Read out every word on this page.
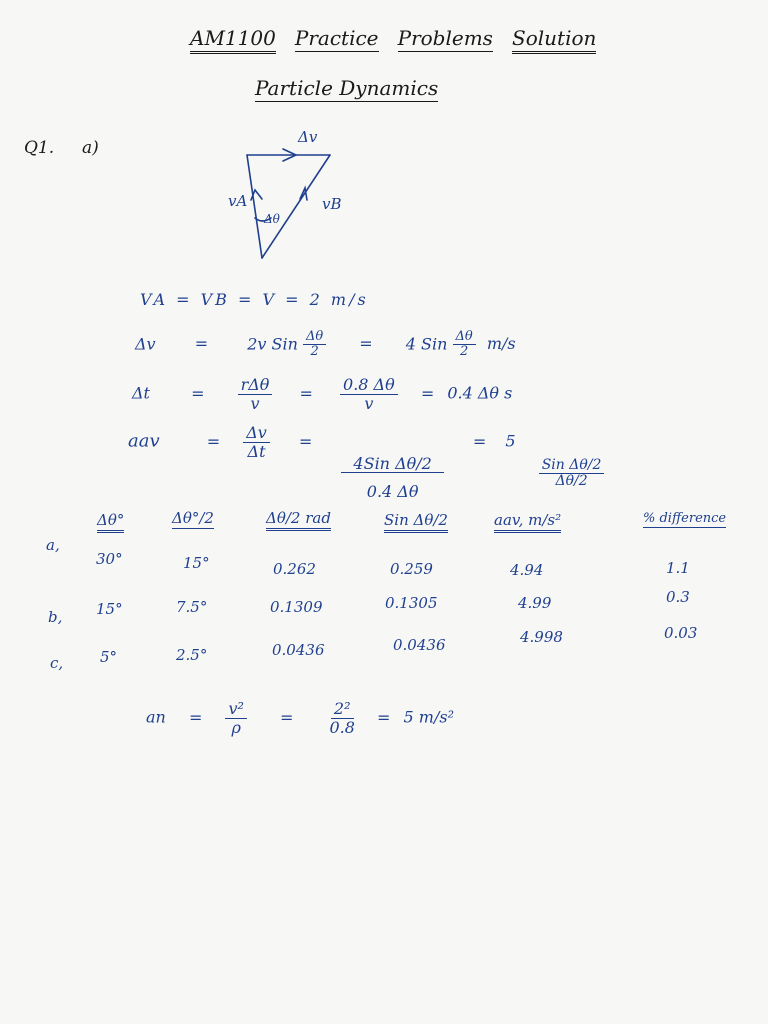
AM1100 Practice Problems Solution
Particle Dynamics
Q1. a)
Δv
vA	vB
Δθ
VA = VB = V = 2 m/s
Δv = 2v Sin $\frac{\Delta\theta}{2} = 4$ Sin $\frac{\Delta\theta}{2} m/s$
Δt	= $\frac{\text{rΔθ}}{v} = \frac{0.8 \Delta\theta}{v} = 0.4$ Δθ s
aav	= $\frac{\Delta v}{\Delta t}$ =
$\frac{\text{4Sin Δθ/2}}{0.4 \Delta\theta}$
= 5
$\frac{\text{Sin Δθ/2}}{\Delta\theta/2}$
Δθ°	Δθ°/2	Δθ/2 rad	Sin Δθ/2	aav, m/s²	% difference
a,
30°	15°	0.262	0.259	4.94	1.1
b, 15°	7.5°	0.1309	0.1305	4.99	0.3
c, 5°	2.5°	0.0436	0.0436	4.998	0.03
an = $\frac{\text{v²}}{\rho} = \frac{\text{2²}}{0.8} = 5$ m/s²
